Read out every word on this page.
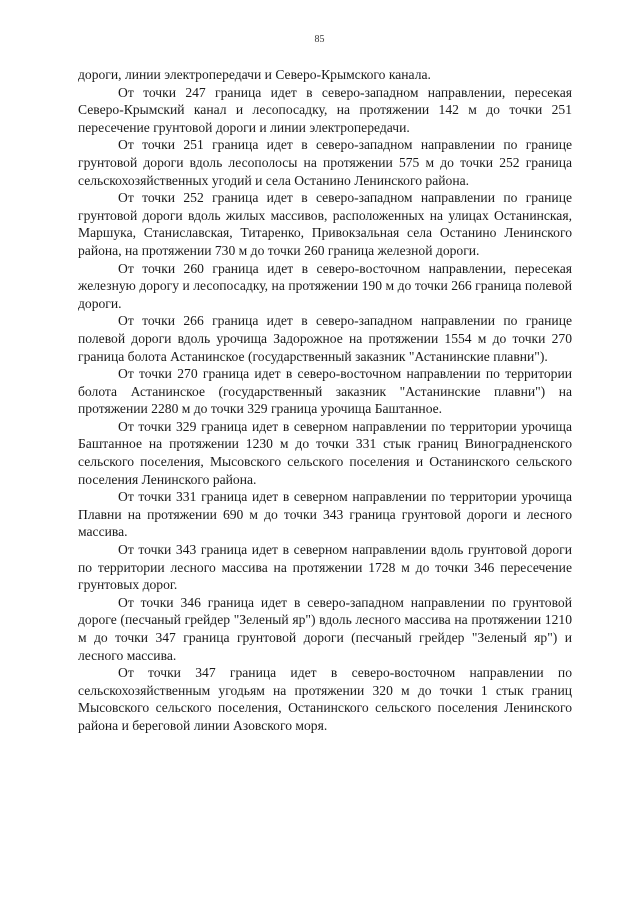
85

дороги, линии электропередачи и Северо-Крымского канала.

От точки 247 граница идет в северо-западном направлении, пересекая Северо-Крымский канал и лесопосадку, на протяжении 142 м до точки 251 пересечение грунтовой дороги и линии электропередачи.

От точки 251 граница идет в северо-западном направлении по границе грунтовой дороги вдоль лесополосы на протяжении 575 м до точки 252 граница сельскохозяйственных угодий и села Останино Ленинского района.

От точки 252 граница идет в северо-западном направлении по границе грунтовой дороги вдоль жилых массивов, расположенных на улицах Останинская, Маршука, Станиславская, Титаренко, Привокзальная села Останино Ленинского района, на протяжении 730 м до точки 260 граница железной дороги.

От точки 260 граница идет в северо-восточном направлении, пересекая железную дорогу и лесопосадку, на протяжении 190 м до точки 266 граница полевой дороги.

От точки 266 граница идет в северо-западном направлении по границе полевой дороги вдоль урочища Задорожное на протяжении 1554 м до точки 270 граница болота Астанинское (государственный заказник "Астанинские плавни").

От точки 270 граница идет в северо-восточном направлении по территории болота Астанинское (государственный заказник "Астанинские плавни") на протяжении 2280 м до точки 329 граница урочища Баштанное.

От точки 329 граница идет в северном направлении по территории урочища Баштанное на протяжении 1230 м до точки 331 стык границ Виноградненского сельского поселения, Мысовского сельского поселения и Останинского сельского поселения Ленинского района.

От точки 331 граница идет в северном направлении по территории урочища Плавни на протяжении 690 м до точки 343 граница грунтовой дороги и лесного массива.

От точки 343 граница идет в северном направлении вдоль грунтовой дороги по территории лесного массива на протяжении 1728 м до точки 346 пересечение грунтовых дорог.

От точки 346 граница идет в северо-западном направлении по грунтовой дороге (песчаный грейдер "Зеленый яр") вдоль лесного массива на протяжении 1210 м до точки 347 граница грунтовой дороги (песчаный грейдер "Зеленый яр") и лесного массива.

От точки 347 граница идет в северо-восточном направлении по сельскохозяйственным угодьям на протяжении 320 м до точки 1 стык границ Мысовского сельского поселения, Останинского сельского поселения Ленинского района и береговой линии Азовского моря.
